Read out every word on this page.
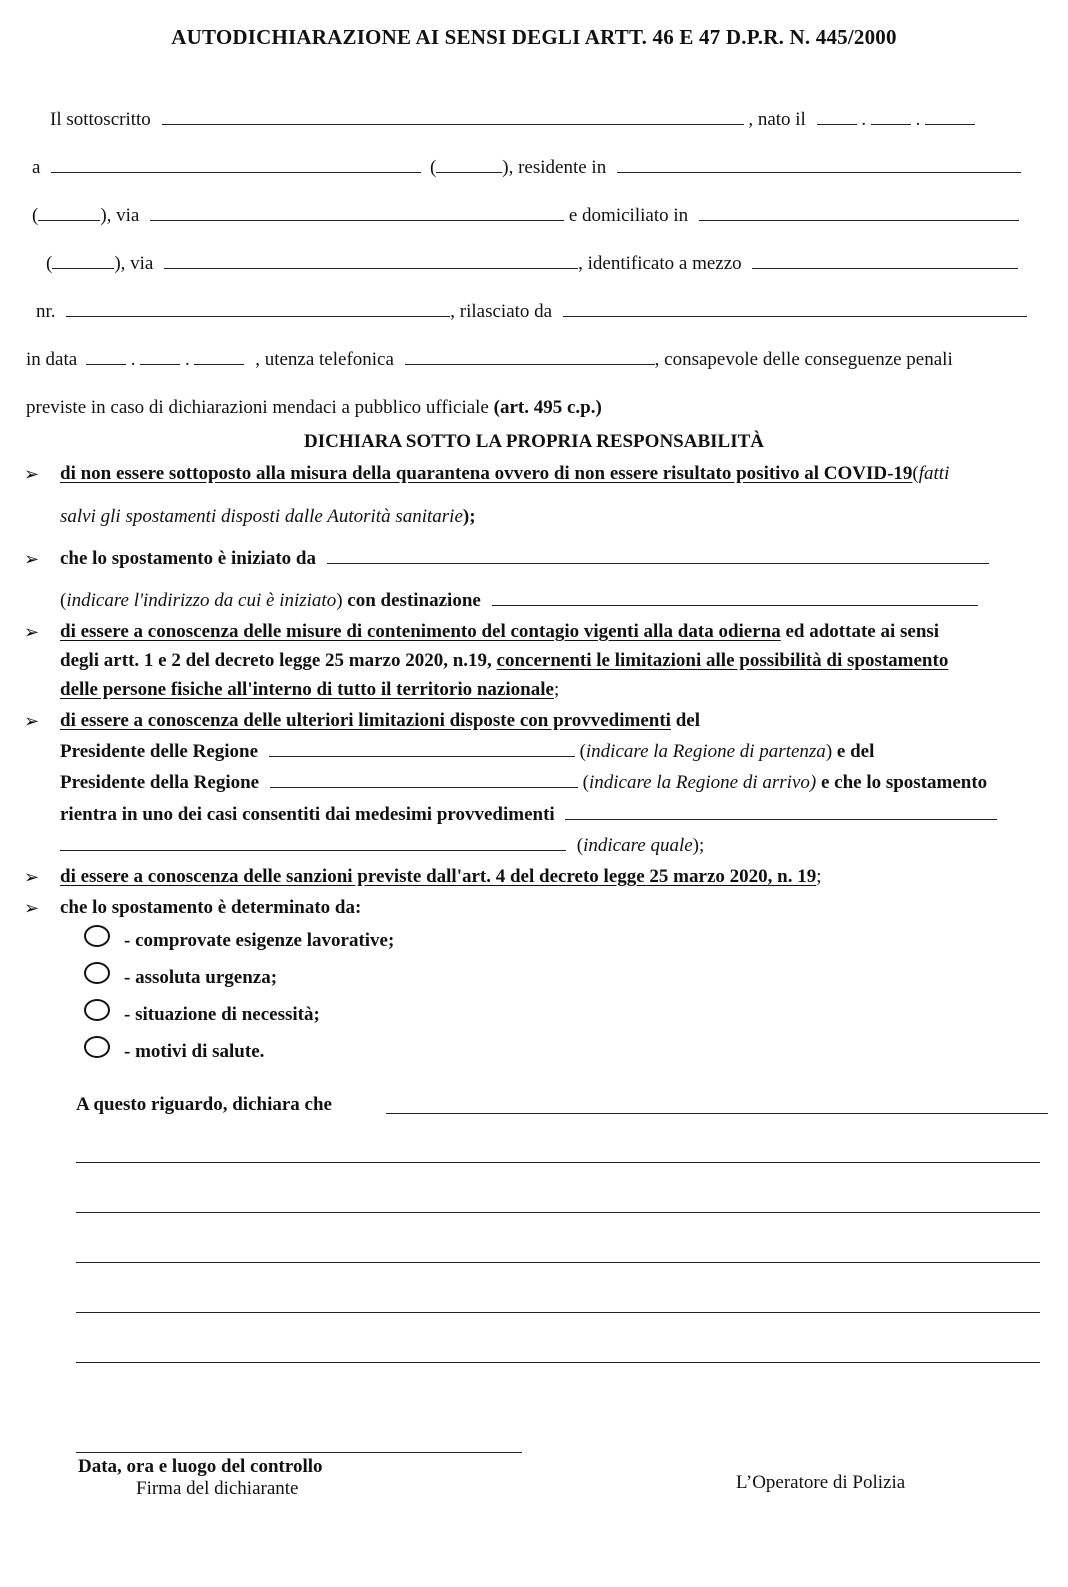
AUTODICHIARAZIONE AI SENSI DEGLI ARTT. 46 E 47 D.P.R. N. 445/2000
Il sottoscritto	, nato il	.	.
a	(	), residente in
(	), via	e domiciliato in
(	), via	, identificato a mezzo
nr.	, rilasciato da
in data	.	.	, utenza telefonica	, consapevole delle conseguenze penali
previste in caso di dichiarazioni mendaci a pubblico ufficiale (art. 495 c.p.)
DICHIARA SOTTO LA PROPRIA RESPONSABILITÀ
➢ di non essere sottoposto alla misura della quarantena ovvero di non essere risultato positivo al COVID-19(fatti
salvi gli spostamenti disposti dalle Autorità sanitarie);
➢ che lo spostamento è iniziato da
(indicare l'indirizzo da cui è iniziato) con destinazione
➢ di essere a conoscenza delle misure di contenimento del contagio vigenti alla data odierna ed adottate ai sensi
degli artt. 1 e 2 del decreto legge 25 marzo 2020, n.19, concernenti le limitazioni alle possibilità di spostamento
delle persone fisiche all'interno di tutto il territorio nazionale;
➢ di essere a conoscenza delle ulteriori limitazioni disposte con provvedimenti del
Presidente delle Regione	(indicare la Regione di partenza) e del
Presidente della Regione	(indicare la Regione di arrivo) e che lo spostamento
rientra in uno dei casi consentiti dai medesimi provvedimenti
(indicare quale);
➢ di essere a conoscenza delle sanzioni previste dall'art. 4 del decreto legge 25 marzo 2020, n. 19;
➢ che lo spostamento è determinato da:
- comprovate esigenze lavorative;
- assoluta urgenza;
- situazione di necessità;
- motivi di salute.
A questo riguardo, dichiara che
Data, ora e luogo del controllo
Firma del dichiarante	L’Operatore di Polizia
